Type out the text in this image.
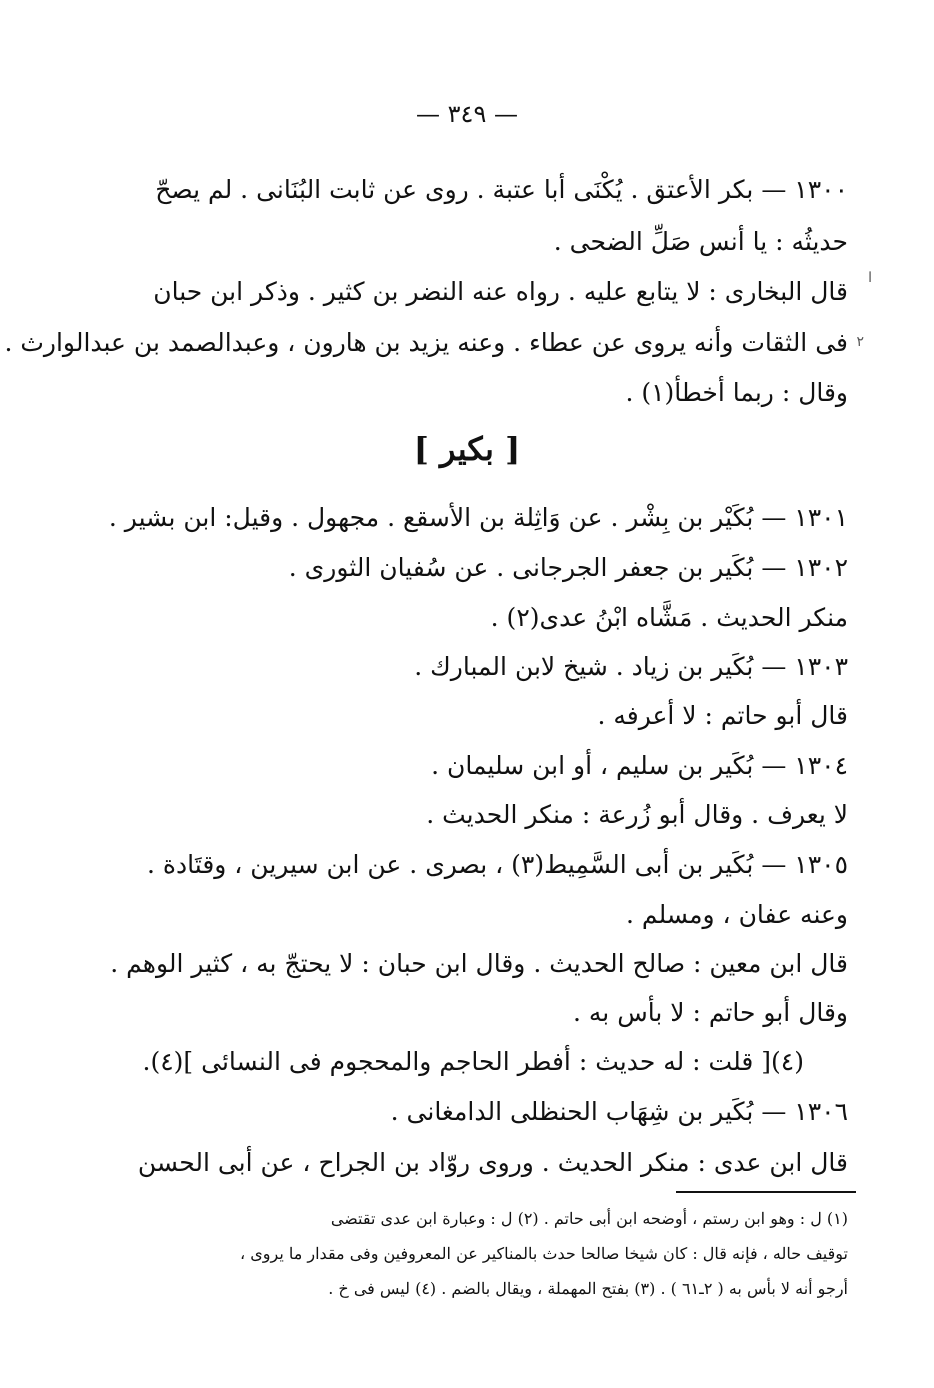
— ٣٤٩ —
١٣٠٠ — بكر الأعتق . يُكْنَى أبا عتبة . روى عن ثابت البُنَانى . لم يصحّ
حديثُه : يا أنس صَلِّ الضحى .
قال البخارى : لا يتابع عليه . رواه عنه النضر بن كثير . وذكر ابن حبان
فى الثقات وأنه يروى عن عطاء . وعنه يزيد بن هارون ، وعبدالصمد بن عبدالوارث .
وقال : ربما أخطأ(١) .
[ بكير ]
١٣٠١ — بُكَيْر بن بِشْر . عن وَاثِلة بن الأسقع . مجهول . وقيل: ابن بشير .
١٣٠٢ — بُكَير بن جعفر الجرجانى . عن سُفيان الثورى .
منكر الحديث . مَشَّاه ابْنُ عدى(٢) .
١٣٠٣ — بُكَير بن زياد . شيخ لابن المبارك .
قال أبو حاتم : لا أعرفه .
١٣٠٤ — بُكَير بن سليم ، أو ابن سليمان .
لا يعرف . وقال أبو زُرعة : منكر الحديث .
١٣٠٥ — بُكَير بن أبى السَّمِيط(٣) ، بصرى . عن ابن سيرين ، وقتَادة .
وعنه عفان ، ومسلم .
قال ابن معين : صالح الحديث . وقال ابن حبان : لا يحتجّ به ، كثير الوهم .
وقال أبو حاتم : لا بأس به .
(٤)[ قلت : له حديث : أفطر الحاجم والمحجوم فى النسائى ](٤).
١٣٠٦ — بُكَير بن شِهَاب الحنظلى الدامغانى .
قال ابن عدى : منكر الحديث . وروى روّاد بن الجراح ، عن أبى الحسن
(١) ل : وهو ابن رستم ، أوضحه ابن أبى حاتم . (٢) ل : وعبارة ابن عدى تقتضى
توقيف حاله ، فإنه قال : كان شيخا صالحا حدث بالمناكير عن المعروفين وفى مقدار ما يروى ،
أرجو أنه لا بأس به ( ٢ـ٦١ ) . (٣) بفتح المهملة ، ويقال بالضم . (٤) ليس فى خ .
ا
٢
